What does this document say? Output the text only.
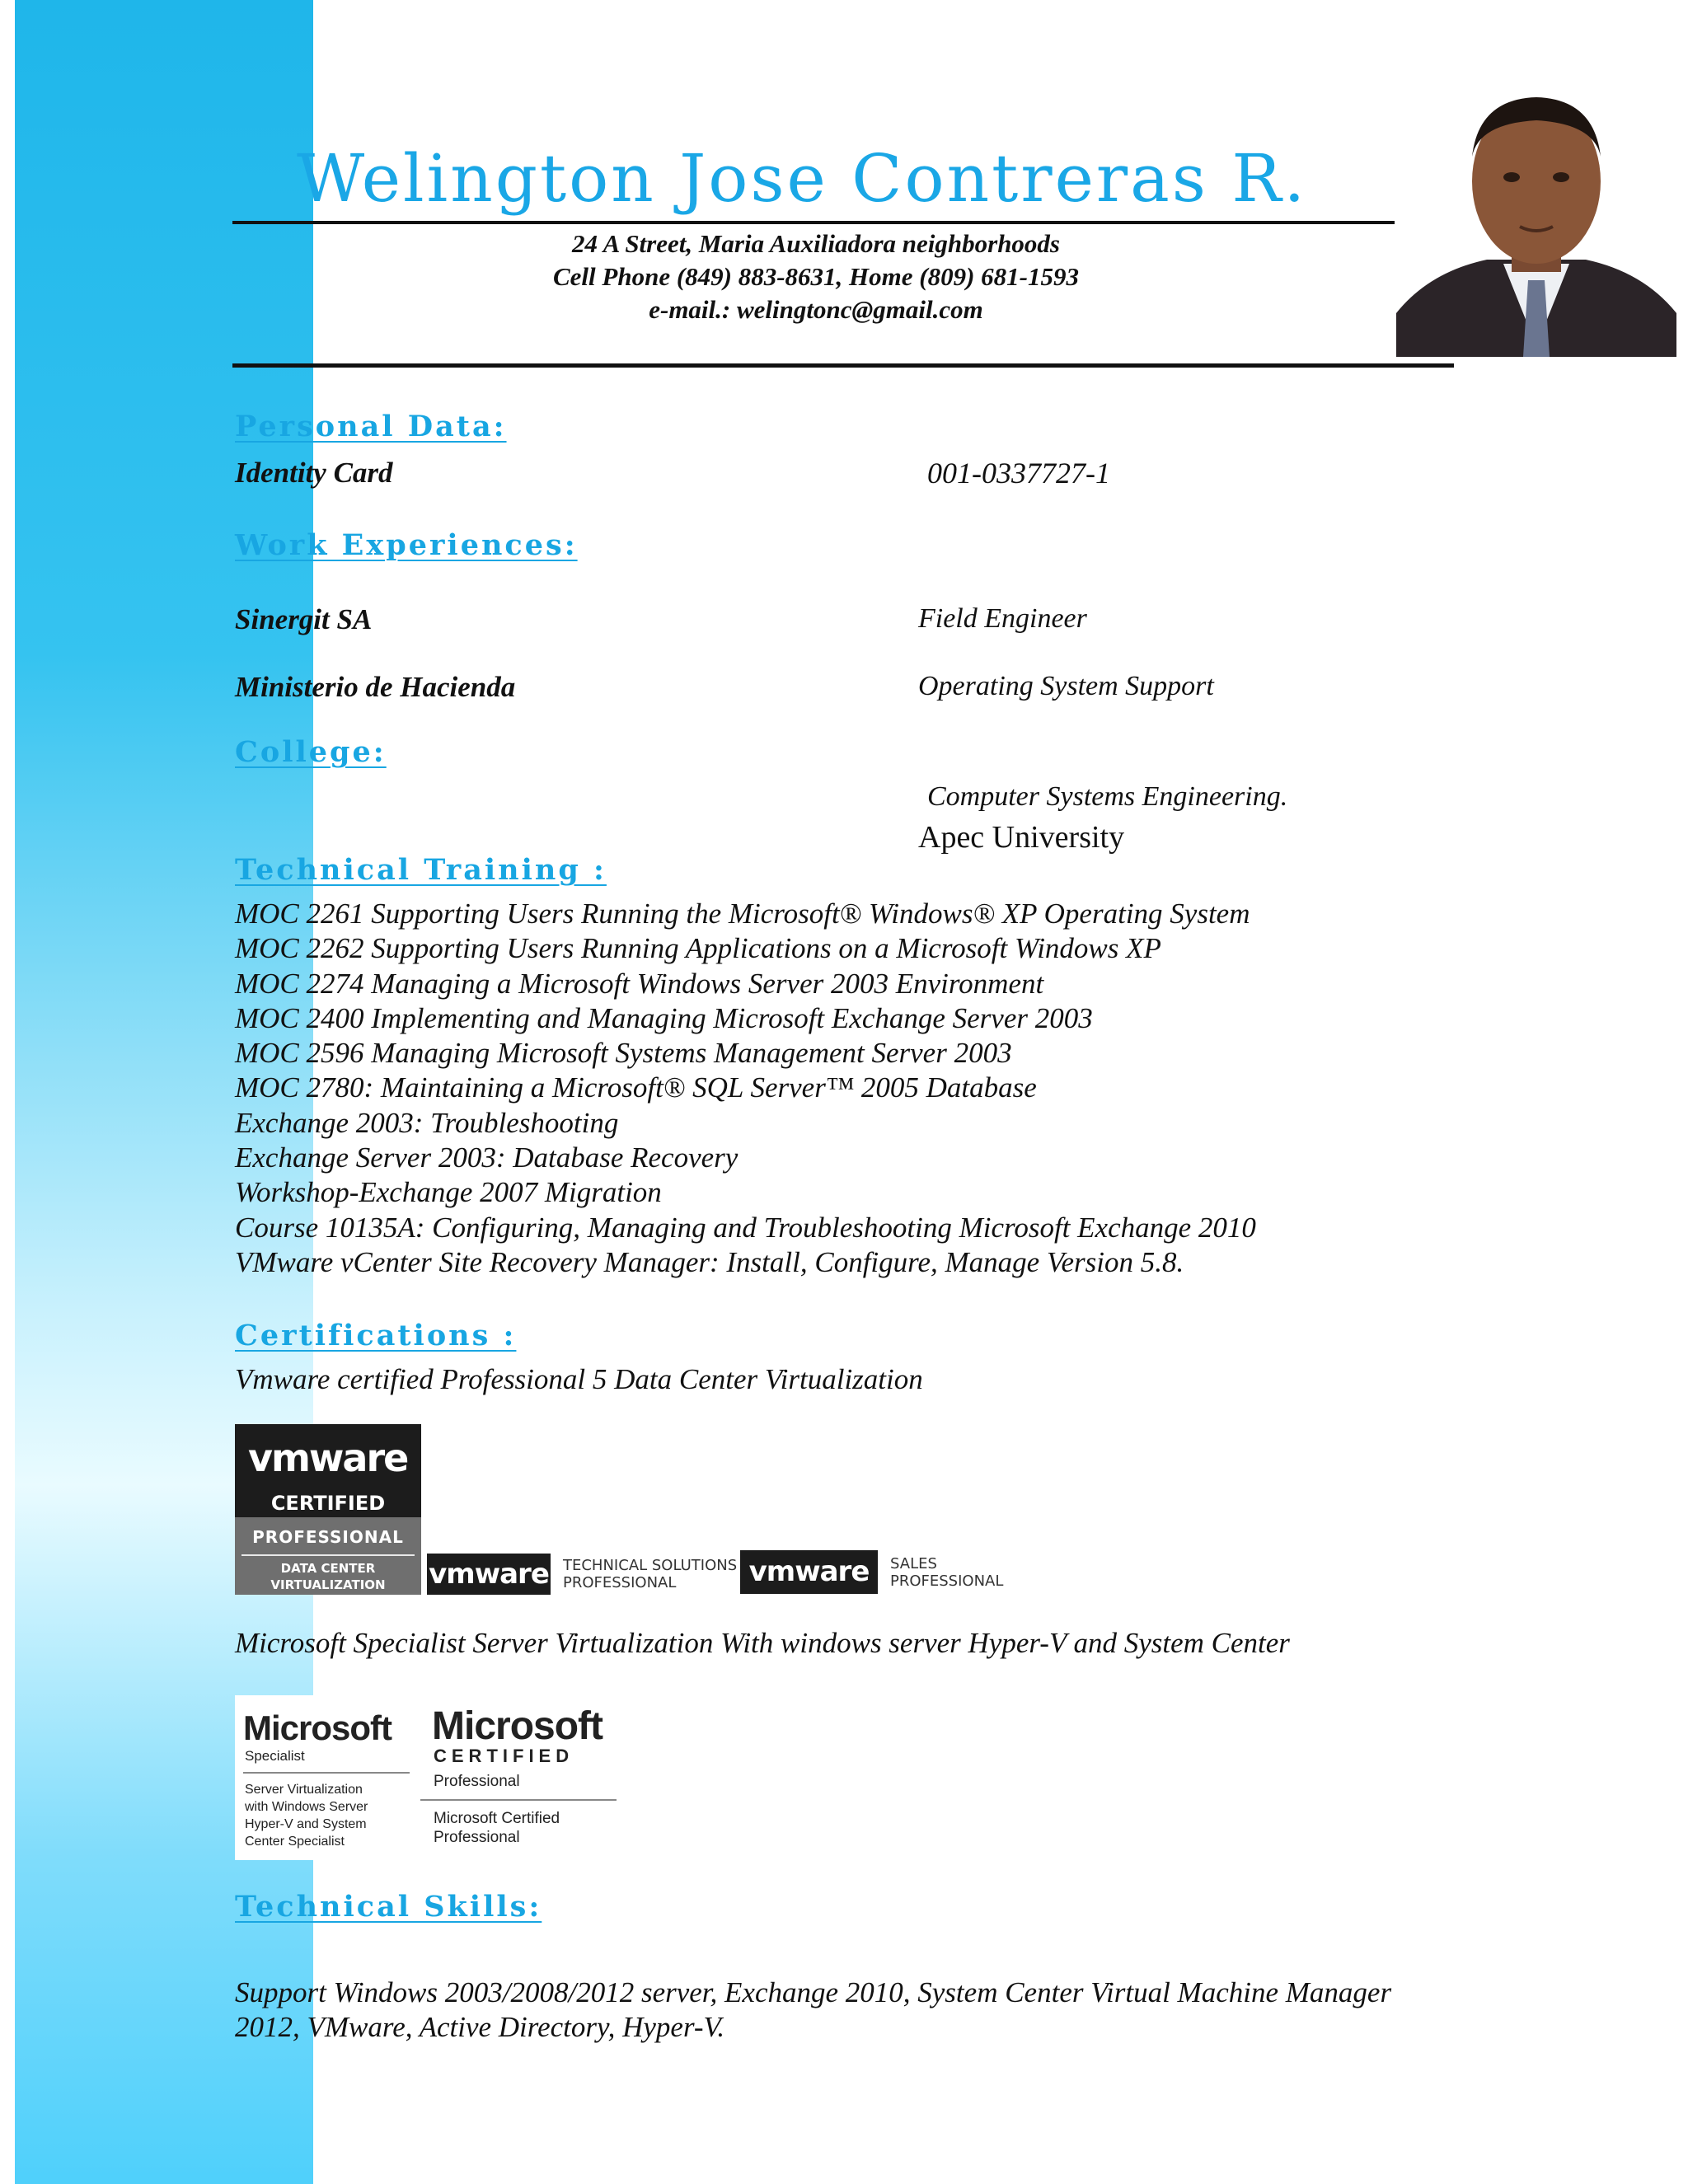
Welington Jose Contreras R.
24 A Street, Maria Auxiliadora neighborhoods
Cell Phone (849) 883-8631, Home (809) 681-1593
e-mail.: welingtonc@gmail.com
Personal Data:
Identity Card	001-0337727-1
Work Experiences:
Sinergit SA	Field Engineer
Ministerio de Hacienda	Operating System Support
College:
Computer Systems Engineering.
Apec University
Technical Training :
MOC 2261 Supporting Users Running the Microsoft® Windows® XP Operating System
MOC 2262 Supporting Users Running Applications on a Microsoft Windows XP
MOC 2274 Managing a Microsoft Windows Server 2003 Environment
MOC 2400 Implementing and Managing Microsoft Exchange Server 2003
MOC 2596 Managing Microsoft Systems Management Server 2003
MOC 2780: Maintaining a Microsoft® SQL Server™ 2005 Database
Exchange 2003: Troubleshooting
Exchange Server 2003: Database Recovery
Workshop-Exchange 2007 Migration
Course 10135A: Configuring, Managing and Troubleshooting Microsoft Exchange 2010
VMware vCenter Site Recovery Manager: Install, Configure, Manage Version 5.8.
Certifications :
Vmware certified Professional 5 Data Center Virtualization
vmware
CERTIFIED
PROFESSIONAL
DATA CENTER
VIRTUALIZATION	vmware TECHNICAL SOLUTIONS
PROFESSIONAL	vmware	SALES
PROFESSIONAL
Microsoft Specialist Server Virtualization With windows server Hyper-V and System Center
Microsoft
Specialist
Server Virtualization
with Windows Server
Hyper-V and System
Center Specialist
Microsoft
CERTIFIED
Professional
Microsoft Certified
Professional
Technical Skills:
Support Windows 2003/2008/2012 server, Exchange 2010, System Center Virtual Machine Manager
2012, VMware, Active Directory, Hyper-V.
